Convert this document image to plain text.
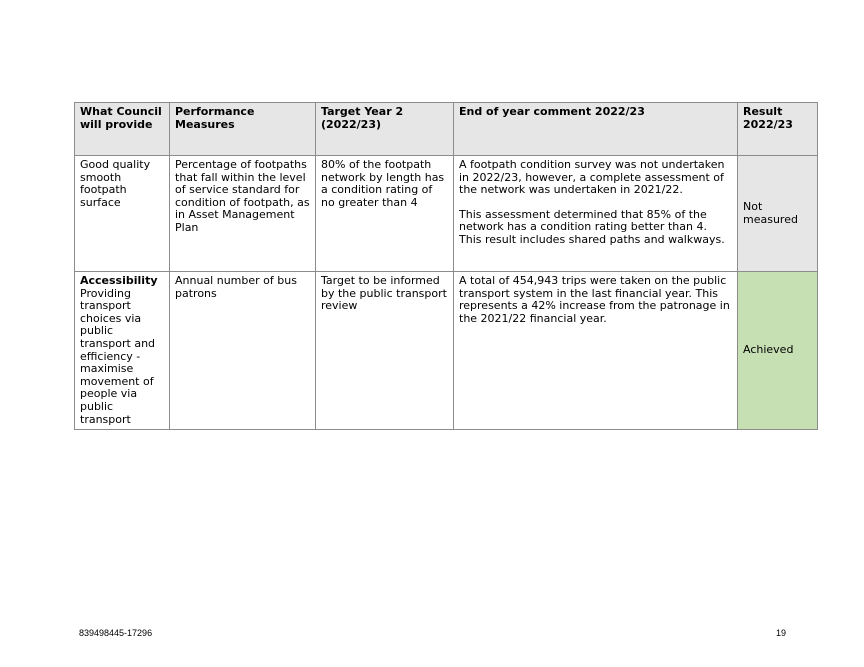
What Council will provide	Performance Measures	Target Year 2 (2022/23)	End of year comment 2022/23	Result 2022/23
Good quality smooth footpath surface	Percentage of footpaths that fall within the level of service standard for condition of footpath, as in Asset Management Plan	80% of the footpath network by length has a condition rating of no greater than 4	A footpath condition survey was not undertaken in 2022/23, however, a complete assessment of the network was undertaken in 2021/22.
This assessment determined that 85% of the network has a condition rating better than 4. This result includes shared paths and walkways.	Not measured

Accessibility
Providing transport choices via public transport and efficiency - maximise movement of people via public transport	Annual number of bus patrons	Target to be informed by the public transport review	A total of 454,943 trips were taken on the public transport system in the last financial year. This represents a 42% increase from the patronage in the 2021/22 financial year.	Achieved
839498445-17296	19
